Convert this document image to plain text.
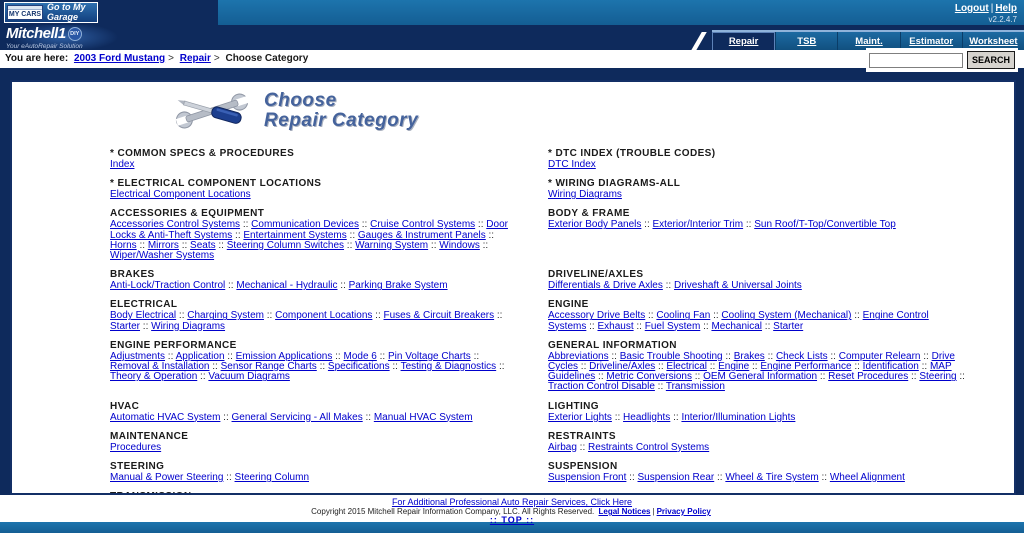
MY CARS
Go to My Garage
Logout | Help
v2.2.4.7
Mitchell1 DIY
Your eAutoRepair Solution	Repair	TSB	Maint.	Estimator Worksheet
You are here: 2003 Ford Mustang > Repair > Choose Category	SEARCH
Choose
Repair Category
* COMMON SPECS & PROCEDURES
Index
* DTC INDEX (TROUBLE CODES)
DTC Index
* ELECTRICAL COMPONENT LOCATIONS
Electrical Component Locations
* WIRING DIAGRAMS-ALL
Wiring Diagrams
ACCESSORIES & EQUIPMENT
Accessories Control Systems :: Communication Devices :: Cruise Control Systems :: Door Locks & Anti-Theft Systems :: Entertainment Systems :: Gauges & Instrument Panels :: Horns :: Mirrors :: Seats :: Steering Column Switches :: Warning System :: Windows :: Wiper/Washer Systems
BODY & FRAME
Exterior Body Panels :: Exterior/Interior Trim :: Sun Roof/T-Top/Convertible Top
BRAKES
Anti-Lock/Traction Control :: Mechanical - Hydraulic :: Parking Brake System
DRIVELINE/AXLES
Differentials & Drive Axles :: Driveshaft & Universal Joints
ELECTRICAL
Body Electrical :: Charging System :: Component Locations :: Fuses & Circuit Breakers :: Starter :: Wiring Diagrams
ENGINE
Accessory Drive Belts :: Cooling Fan :: Cooling System (Mechanical) :: Engine Control Systems :: Exhaust :: Fuel System :: Mechanical :: Starter
ENGINE PERFORMANCE
Adjustments :: Application :: Emission Applications :: Mode 6 :: Pin Voltage Charts :: Removal & Installation :: Sensor Range Charts :: Specifications :: Testing & Diagnostics :: Theory & Operation :: Vacuum Diagrams
GENERAL INFORMATION
Abbreviations :: Basic Trouble Shooting :: Brakes :: Check Lists :: Computer Relearn :: Drive Cycles :: Driveline/Axles :: Electrical :: Engine :: Engine Performance :: Identification :: MAP Guidelines :: Metric Conversions :: OEM General Information :: Reset Procedures :: Steering :: Traction Control Disable :: Transmission
HVAC
Automatic HVAC System :: General Servicing - All Makes :: Manual HVAC System
LIGHTING
Exterior Lights :: Headlights :: Interior/Illumination Lights
MAINTENANCE
Procedures
RESTRAINTS
Airbag :: Restraints Control Systems
STEERING
Manual & Power Steering :: Steering Column
SUSPENSION
Suspension Front :: Suspension Rear :: Wheel & Tire System :: Wheel Alignment
For Additional Professional Auto Repair Services, Click Here
Copyright 2015 Mitchell Repair Information Company, LLC. All Rights Reserved. Legal Notices | Privacy Policy
:: TOP ::
